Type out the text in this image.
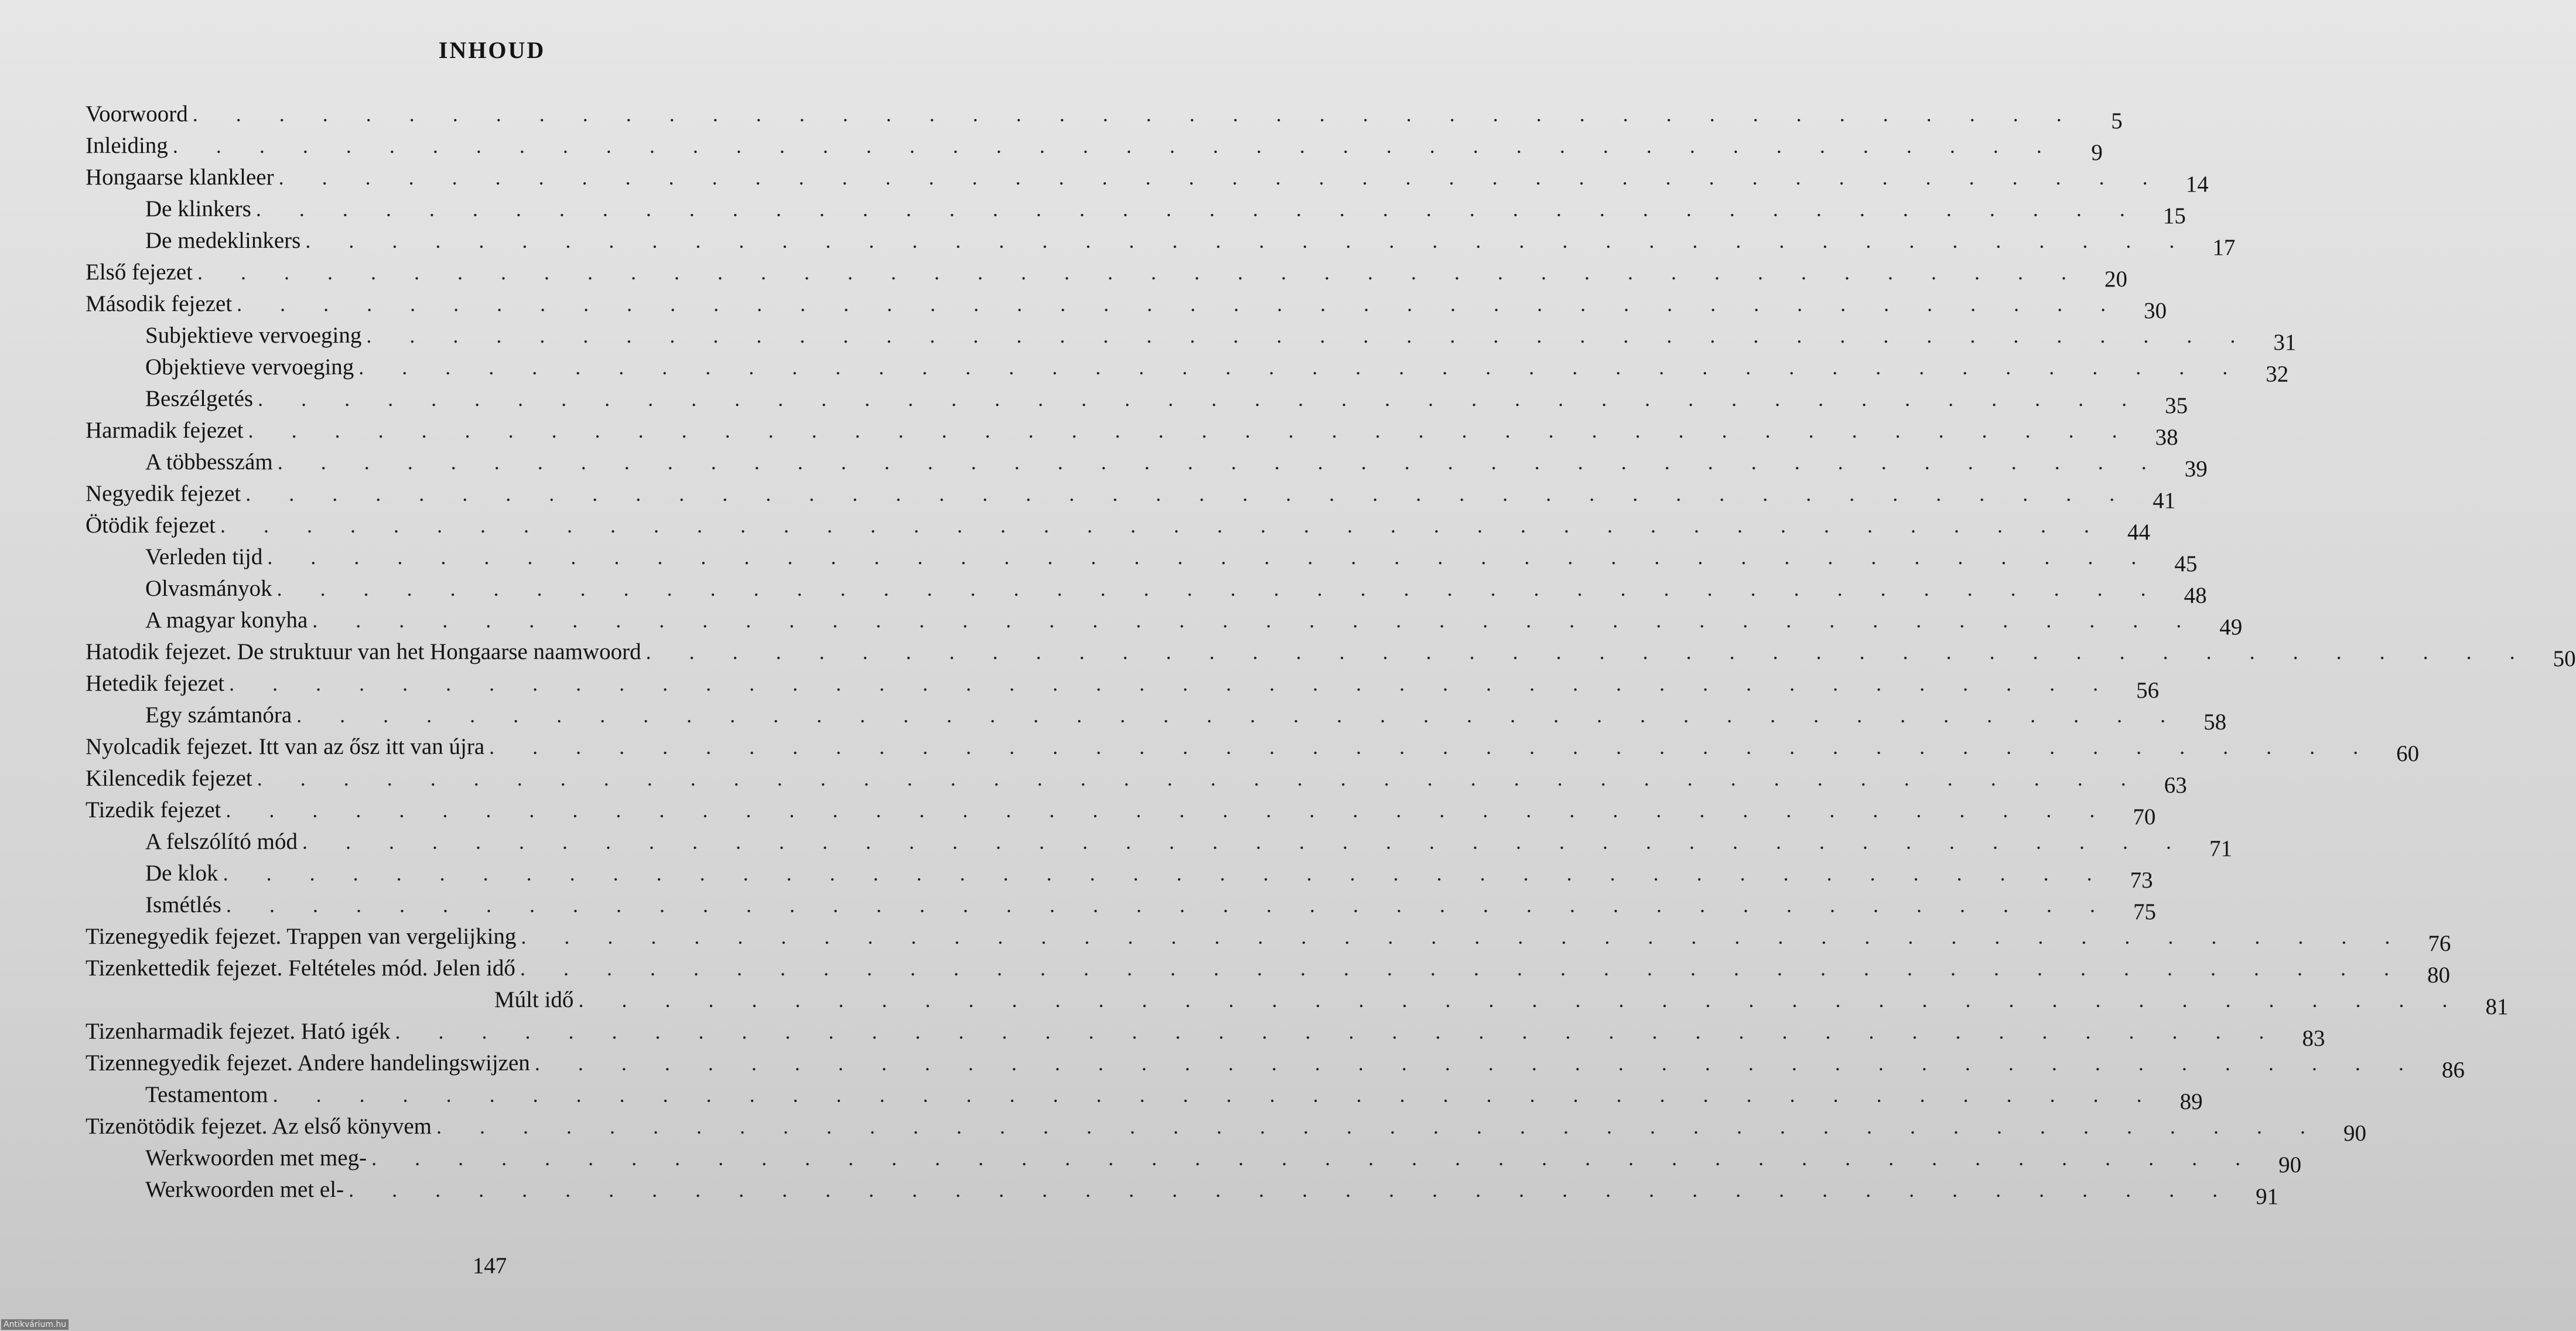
INHOUD
Voorwoord . . . . . . . . . . . . . . . . . . . . . . . . . . . . . . . . . . . . . . . . . . . .	5
Inleiding . . . . . . . . . . . . . . . . . . . . . . . . . . . . . . . . . . . . . . . . . . . .	9
Hongaarse klankleer . . . . . . . . . . . . . . . . . . . . . . . . . . . . . . . . . . . . . . . . . . . . 14
De klinkers . . . . . . . . . . . . . . . . . . . . . . . . . . . . . . . . . . . . . . . . . . . . 15
De medeklinkers . . . . . . . . . . . . . . . . . . . . . . . . . . . . . . . . . . . . . . . . . . . . 17
Első fejezet . . . . . . . . . . . . . . . . . . . . . . . . . . . . . . . . . . . . . . . . . . . . 20
Második fejezet . . . . . . . . . . . . . . . . . . . . . . . . . . . . . . . . . . . . . . . . . . . . 30
Subjektieve vervoeging . . . . . . . . . . . . . . . . . . . . . . . . . . . . . . . . . . . . . . . . . . . . 31
Objektieve vervoeging . . . . . . . . . . . . . . . . . . . . . . . . . . . . . . . . . . . . . . . . . . . . 32
Beszélgetés . . . . . . . . . . . . . . . . . . . . . . . . . . . . . . . . . . . . . . . . . . . . 35
Harmadik fejezet . . . . . . . . . . . . . . . . . . . . . . . . . . . . . . . . . . . . . . . . . . . . 38
A többesszám . . . . . . . . . . . . . . . . . . . . . . . . . . . . . . . . . . . . . . . . . . . . 39
Negyedik fejezet . . . . . . . . . . . . . . . . . . . . . . . . . . . . . . . . . . . . . . . . . . . . 41
Ötödik fejezet . . . . . . . . . . . . . . . . . . . . . . . . . . . . . . . . . . . . . . . . . . . . 44
Verleden tijd . . . . . . . . . . . . . . . . . . . . . . . . . . . . . . . . . . . . . . . . . . . . 45
Olvasmányok . . . . . . . . . . . . . . . . . . . . . . . . . . . . . . . . . . . . . . . . . . . . 48
A magyar konyha . . . . . . . . . . . . . . . . . . . . . . . . . . . . . . . . . . . . . . . . . . . . 49
Hatodik fejezet. De struktuur van het Hongaarse naamwoord . . . . . . . . . . . . . . . . . . . . . . . . . . . . . . . . . . . . . . . . . . . . 50
Hetedik fejezet . . . . . . . . . . . . . . . . . . . . . . . . . . . . . . . . . . . . . . . . . . . . 56
Egy számtanóra . . . . . . . . . . . . . . . . . . . . . . . . . . . . . . . . . . . . . . . . . . . . 58
Nyolcadik fejezet. Itt van az ősz itt van újra . . . . . . . . . . . . . . . . . . . . . . . . . . . . . . . . . . . . . . . . . . . . 60
Kilencedik fejezet . . . . . . . . . . . . . . . . . . . . . . . . . . . . . . . . . . . . . . . . . . . . 63
Tizedik fejezet . . . . . . . . . . . . . . . . . . . . . . . . . . . . . . . . . . . . . . . . . . . . 70
A felszólító mód . . . . . . . . . . . . . . . . . . . . . . . . . . . . . . . . . . . . . . . . . . . . 71
De klok . . . . . . . . . . . . . . . . . . . . . . . . . . . . . . . . . . . . . . . . . . . . 73
Ismétlés . . . . . . . . . . . . . . . . . . . . . . . . . . . . . . . . . . . . . . . . . . . . 75
Tizenegyedik fejezet. Trappen van vergelijking . . . . . . . . . . . . . . . . . . . . . . . . . . . . . . . . . . . . . . . . . . . . 76
Tizenkettedik fejezet. Feltételes mód. Jelen idő . . . . . . . . . . . . . . . . . . . . . . . . . . . . . . . . . . . . . . . . . . . . 80
Múlt idő . . . . . . . . . . . . . . . . . . . . . . . . . . . . . . . . . . . . . . . . . . . . 81
Tizenharmadik fejezet. Ható igék . . . . . . . . . . . . . . . . . . . . . . . . . . . . . . . . . . . . . . . . . . . . 83
Tizennegyedik fejezet. Andere handelingswijzen . . . . . . . . . . . . . . . . . . . . . . . . . . . . . . . . . . . . . . . . . . . . 86
Testamentom . . . . . . . . . . . . . . . . . . . . . . . . . . . . . . . . . . . . . . . . . . . . 89
Tizenötödik fejezet. Az első könyvem . . . . . . . . . . . . . . . . . . . . . . . . . . . . . . . . . . . . . . . . . . . . 90
Werkwoorden met meg- . . . . . . . . . . . . . . . . . . . . . . . . . . . . . . . . . . . . . . . . . . . . 90
Werkwoorden met el- . . . . . . . . . . . . . . . . . . . . . . . . . . . . . . . . . . . . . . . . . . . . 91
147
Antikvárium.hu
